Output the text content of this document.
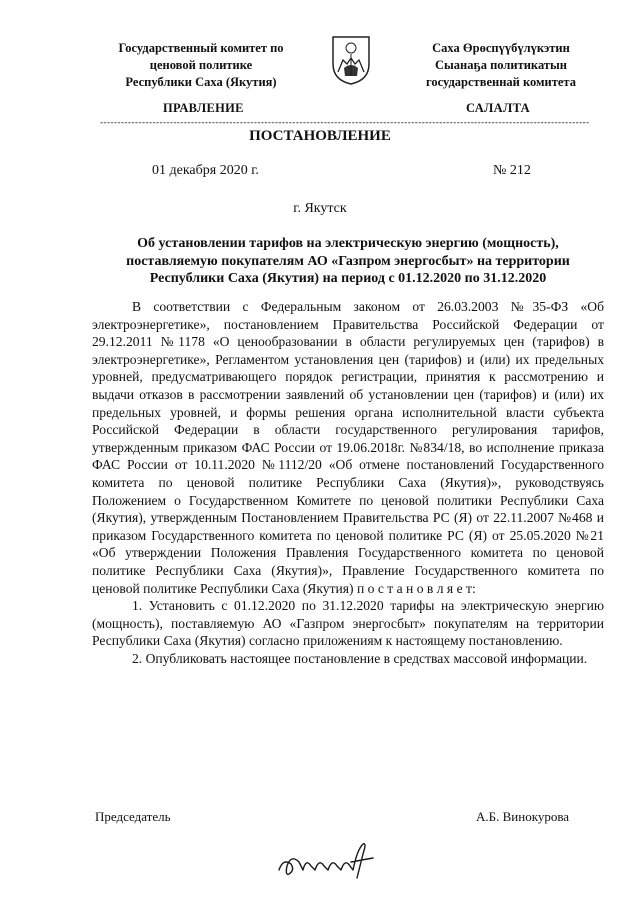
Государственный комитет по
ценовой политике
Республики Саха (Якутия)
Саха Өрөспүүбүлүкэтин
Сыанаҕа политикатын
государственнай комитета
ПРАВЛЕНИЕ	САЛАЛТА
--------------------------------------------------------------------------------------------------------------------------------------------
ПОСТАНОВЛЕНИЕ
01 декабря 2020 г.	№ 212
г. Якутск
Об установлении тарифов на электрическую энергию (мощность), поставляемую покупателям АО «Газпром энергосбыт» на территории Республики Саха (Якутия) на период с 01.12.2020 по 31.12.2020

В соответствии с Федеральным законом от 26.03.2003 №35-ФЗ «Об электроэнергетике», постановлением Правительства Российской Федерации от 29.12.2011 №1178 «О ценообразовании в области регулируемых цен (тарифов) в электроэнергетике», Регламентом установления цен (тарифов) и (или) их предельных уровней, предусматривающего порядок регистрации, принятия к рассмотрению и выдачи отказов в рассмотрении заявлений об установлении цен (тарифов) и (или) их предельных уровней, и формы решения органа исполнительной власти субъекта Российской Федерации в области государственного регулирования тарифов, утвержденным приказом ФАС России от 19.06.2018г. №834/18, во исполнение приказа ФАС России от 10.11.2020 №1112/20 «Об отмене постановлений Государственного комитета по ценовой политике Республики Саха (Якутия)», руководствуясь Положением о Государственном Комитете по ценовой политики Республики Саха (Якутия), утвержденным Постановлением Правительства РС (Я) от 22.11.2007 №468 и приказом Государственного комитета по ценовой политике РС (Я) от 25.05.2020 №21 «Об утверждении Положения Правления Государственного комитета по ценовой политике Республики Саха (Якутия)», Правление Государственного комитета по ценовой политике Республики Саха (Якутия) п о с т а н о в л я е т:

1. Установить с 01.12.2020 по 31.12.2020 тарифы на электрическую энергию (мощность), поставляемую АО «Газпром энергосбыт» покупателям на территории Республики Саха (Якутия) согласно приложениям к настоящему постановлению.

2. Опубликовать настоящее постановление в средствах массовой информации.

Председатель	А.Б. Винокурова
